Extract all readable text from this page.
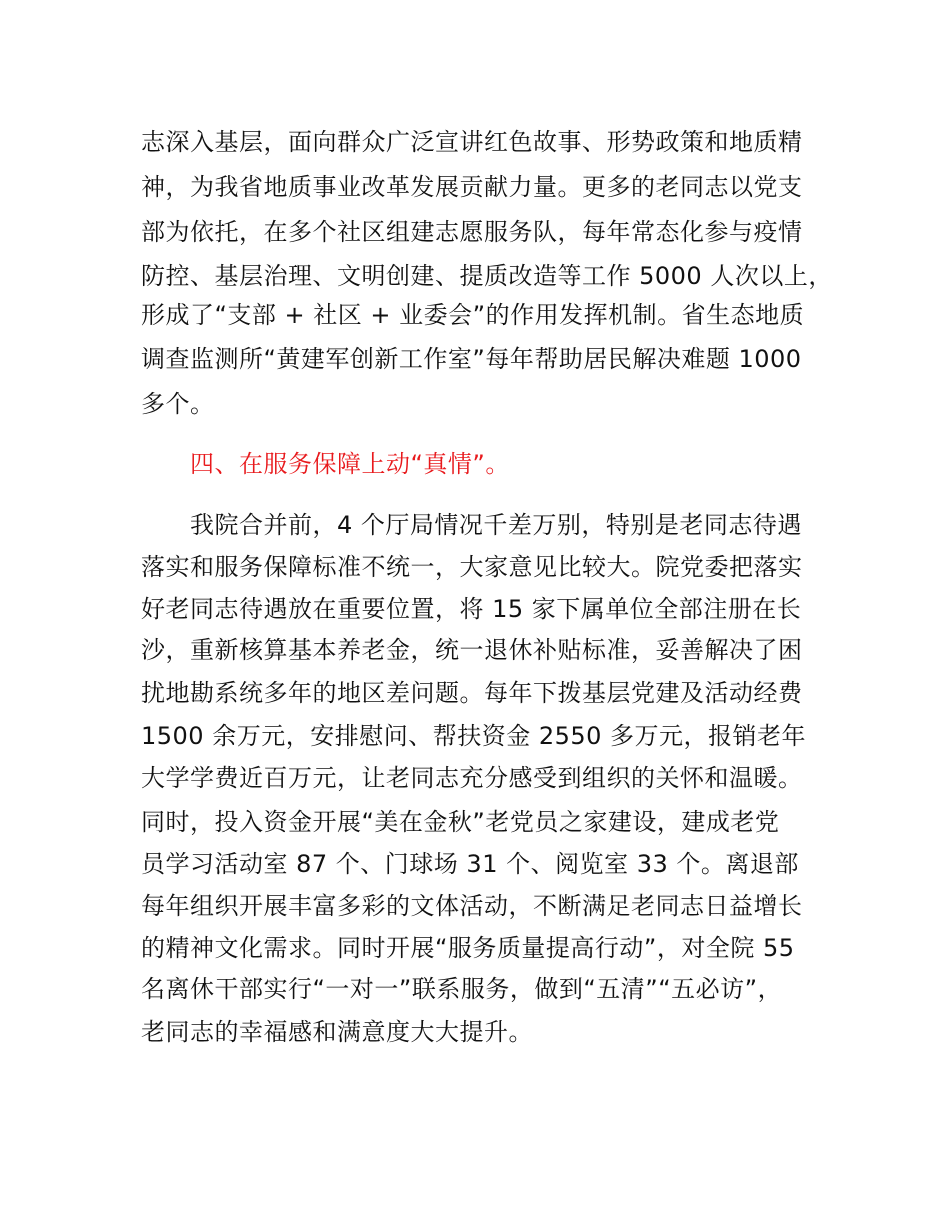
志深入基层，面向群众广泛宣讲红色故事、形势政策和地质精
神，为我省地质事业改革发展贡献力量。更多的老同志以党支
部为依托，在多个社区组建志愿服务队，每年常态化参与疫情
防控、基层治理、文明创建、提质改造等工作 5000 人次以上，
形成了“支部 + 社区 + 业委会”的作用发挥机制。省生态地质
调查监测所“黄建军创新工作室”每年帮助居民解决难题 1000
多个。
四、在服务保障上动“真情”。
我院合并前，4 个厅局情况千差万别，特别是老同志待遇
落实和服务保障标准不统一，大家意见比较大。院党委把落实
好老同志待遇放在重要位置，将 15 家下属单位全部注册在长
沙，重新核算基本养老金，统一退休补贴标准，妥善解决了困
扰地勘系统多年的地区差问题。每年下拨基层党建及活动经费
1500 余万元，安排慰问、帮扶资金 2550 多万元，报销老年
大学学费近百万元，让老同志充分感受到组织的关怀和温暖。
同时，投入资金开展“美在金秋”老党员之家建设，建成老党
员学习活动室 87 个、门球场 31 个、阅览室 33 个。离退部
每年组织开展丰富多彩的文体活动，不断满足老同志日益增长
的精神文化需求。同时开展“服务质量提高行动”，对全院 55
名离休干部实行“一对一”联系服务，做到“五清”“五必访”，
老同志的幸福感和满意度大大提升。
